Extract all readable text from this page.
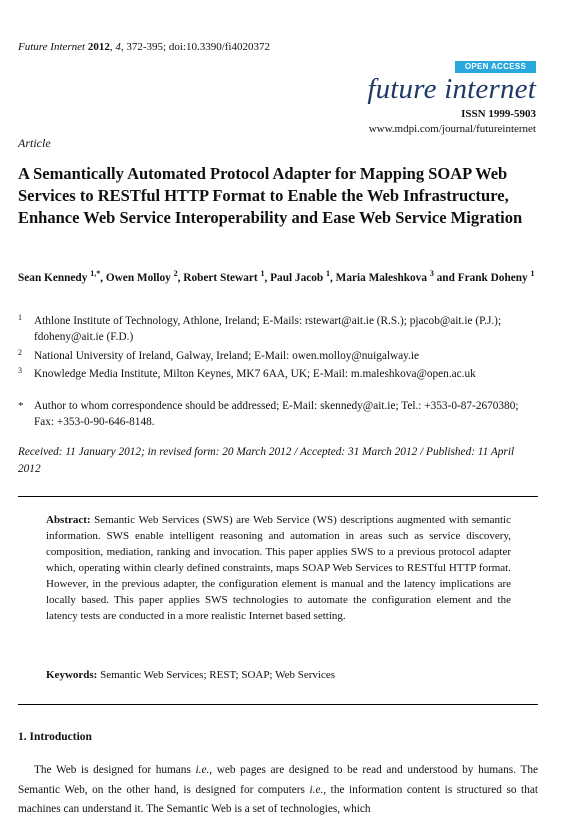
Future Internet 2012, 4, 372-395; doi:10.3390/fi4020372
OPEN ACCESS
future internet
ISSN 1999-5903
www.mdpi.com/journal/futureinternet
Article
A Semantically Automated Protocol Adapter for Mapping SOAP Web Services to RESTful HTTP Format to Enable the Web Infrastructure, Enhance Web Service Interoperability and Ease Web Service Migration
Sean Kennedy $^{1,*}$, Owen Molloy $^2$, Robert Stewart $^1$, Paul Jacob $^1$, Maria Maleshkova $^3$ and Frank Doheny $^1$
1 Athlone Institute of Technology, Athlone, Ireland; E-Mails: rstewart@ait.ie (R.S.); pjacob@ait.ie (P.J.); fdoheny@ait.ie (F.D.)
2 National University of Ireland, Galway, Ireland; E-Mail: owen.molloy@nuigalway.ie
3 Knowledge Media Institute, Milton Keynes, MK7 6AA, UK; E-Mail: m.maleshkova@open.ac.uk
* Author to whom correspondence should be addressed; E-Mail: skennedy@ait.ie; Tel.: +353-0-87-2670380; Fax: +353-0-90-646-8148.
Received: 11 January 2012; in revised form: 20 March 2012 / Accepted: 31 March 2012 / Published: 11 April 2012
Abstract: Semantic Web Services (SWS) are Web Service (WS) descriptions augmented with semantic information. SWS enable intelligent reasoning and automation in areas such as service discovery, composition, mediation, ranking and invocation. This paper applies SWS to a previous protocol adapter which, operating within clearly defined constraints, maps SOAP Web Services to RESTful HTTP format. However, in the previous adapter, the configuration element is manual and the latency implications are locally based. This paper applies SWS technologies to automate the configuration element and the latency tests are conducted in a more realistic Internet based setting.
Keywords: Semantic Web Services; REST; SOAP; Web Services
1. Introduction
The Web is designed for humans i.e., web pages are designed to be read and understood by humans. The Semantic Web, on the other hand, is designed for computers i.e., the information content is structured so that machines can understand it. The Semantic Web is a set of technologies, which
